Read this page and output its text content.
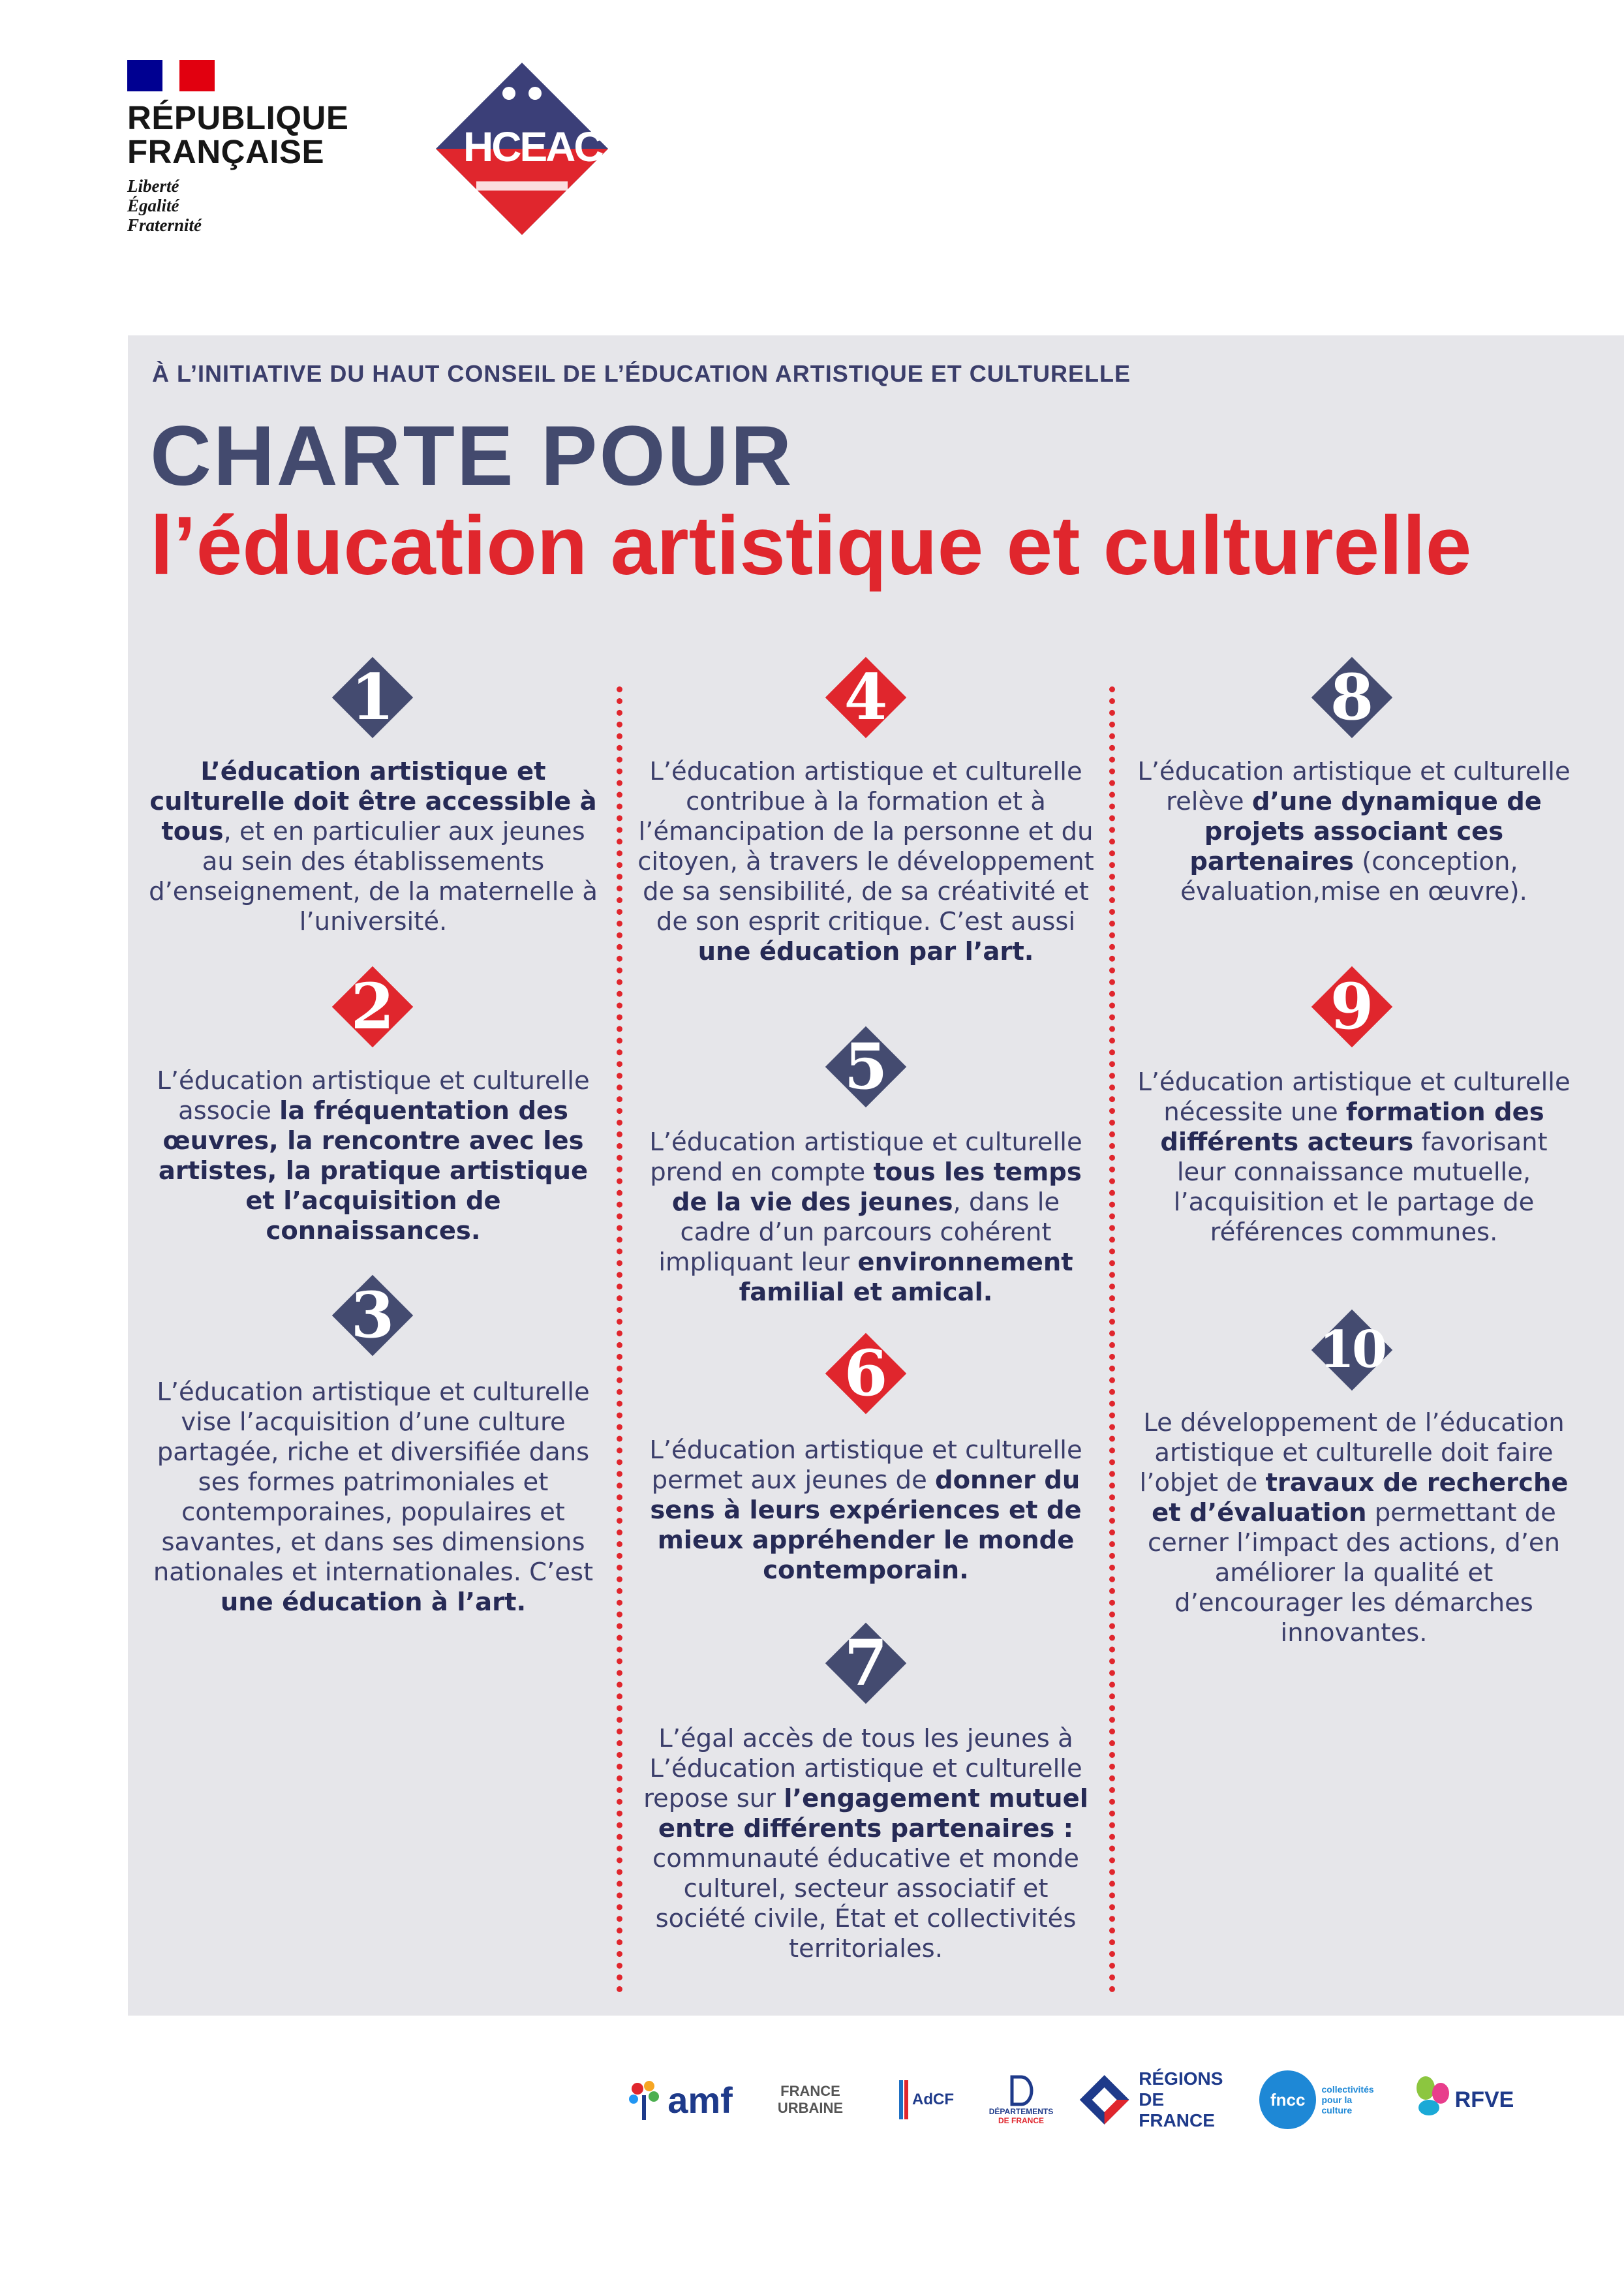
RÉPUBLIQUE
FRANÇAISE
Liberté
Égalité
Fraternité
HCEAC
À L’INITIATIVE DU HAUT CONSEIL DE L’ÉDUCATION ARTISTIQUE ET CULTURELLE
CHARTE POUR
l’éducation artistique et culturelle
1
L’éducation artistique et culturelle doit être accessible à tous, et en particulier aux jeunes au sein des établissements d’enseignement, de la maternelle à l’université.
2
L’éducation artistique et culturelle associe la fréquentation des œuvres, la rencontre avec les artistes, la pratique artistique et l’acquisition de connaissances.
3
L’éducation artistique et culturelle vise l’acquisition d’une culture partagée, riche et diversifiée dans ses formes patrimoniales et contemporaines, populaires et savantes, et dans ses dimensions nationales et internationales. C’est une éducation à l’art.
4
L’éducation artistique et culturelle contribue à la formation et à l’émancipation de la personne et du citoyen, à travers le développement de sa sensibilité, de sa créativité et de son esprit critique. C’est aussi une éducation par l’art.
5
L’éducation artistique et culturelle prend en compte tous les temps de la vie des jeunes, dans le cadre d’un parcours cohérent impliquant leur environnement familial et amical.
6
L’éducation artistique et culturelle permet aux jeunes de donner du sens à leurs expériences et de mieux appréhender le monde contemporain.
7
L’égal accès de tous les jeunes à L’éducation artistique et culturelle repose sur l’engagement mutuel entre différents partenaires : communauté éducative et monde culturel, secteur associatif et société civile, État et collectivités territoriales.
8
L’éducation artistique et culturelle relève d’une dynamique de projets associant ces partenaires (conception, évaluation,mise en œuvre).
9
L’éducation artistique et culturelle nécessite une formation des différents acteurs favorisant leur connaissance mutuelle, l’acquisition et le partage de références communes.
10
Le développement de l’éducation artistique et culturelle doit faire l’objet de travaux de recherche et d’évaluation permettant de cerner l’impact des actions, d’en améliorer la qualité et d’encourager les démarches innovantes.
amf	FRANCE
URBAINE	AdCF
DÉPARTEMENTS
DE FRANCE
RÉGIONS
DE FRANCE
fncc
collectivités
pour la culture	RFVE
